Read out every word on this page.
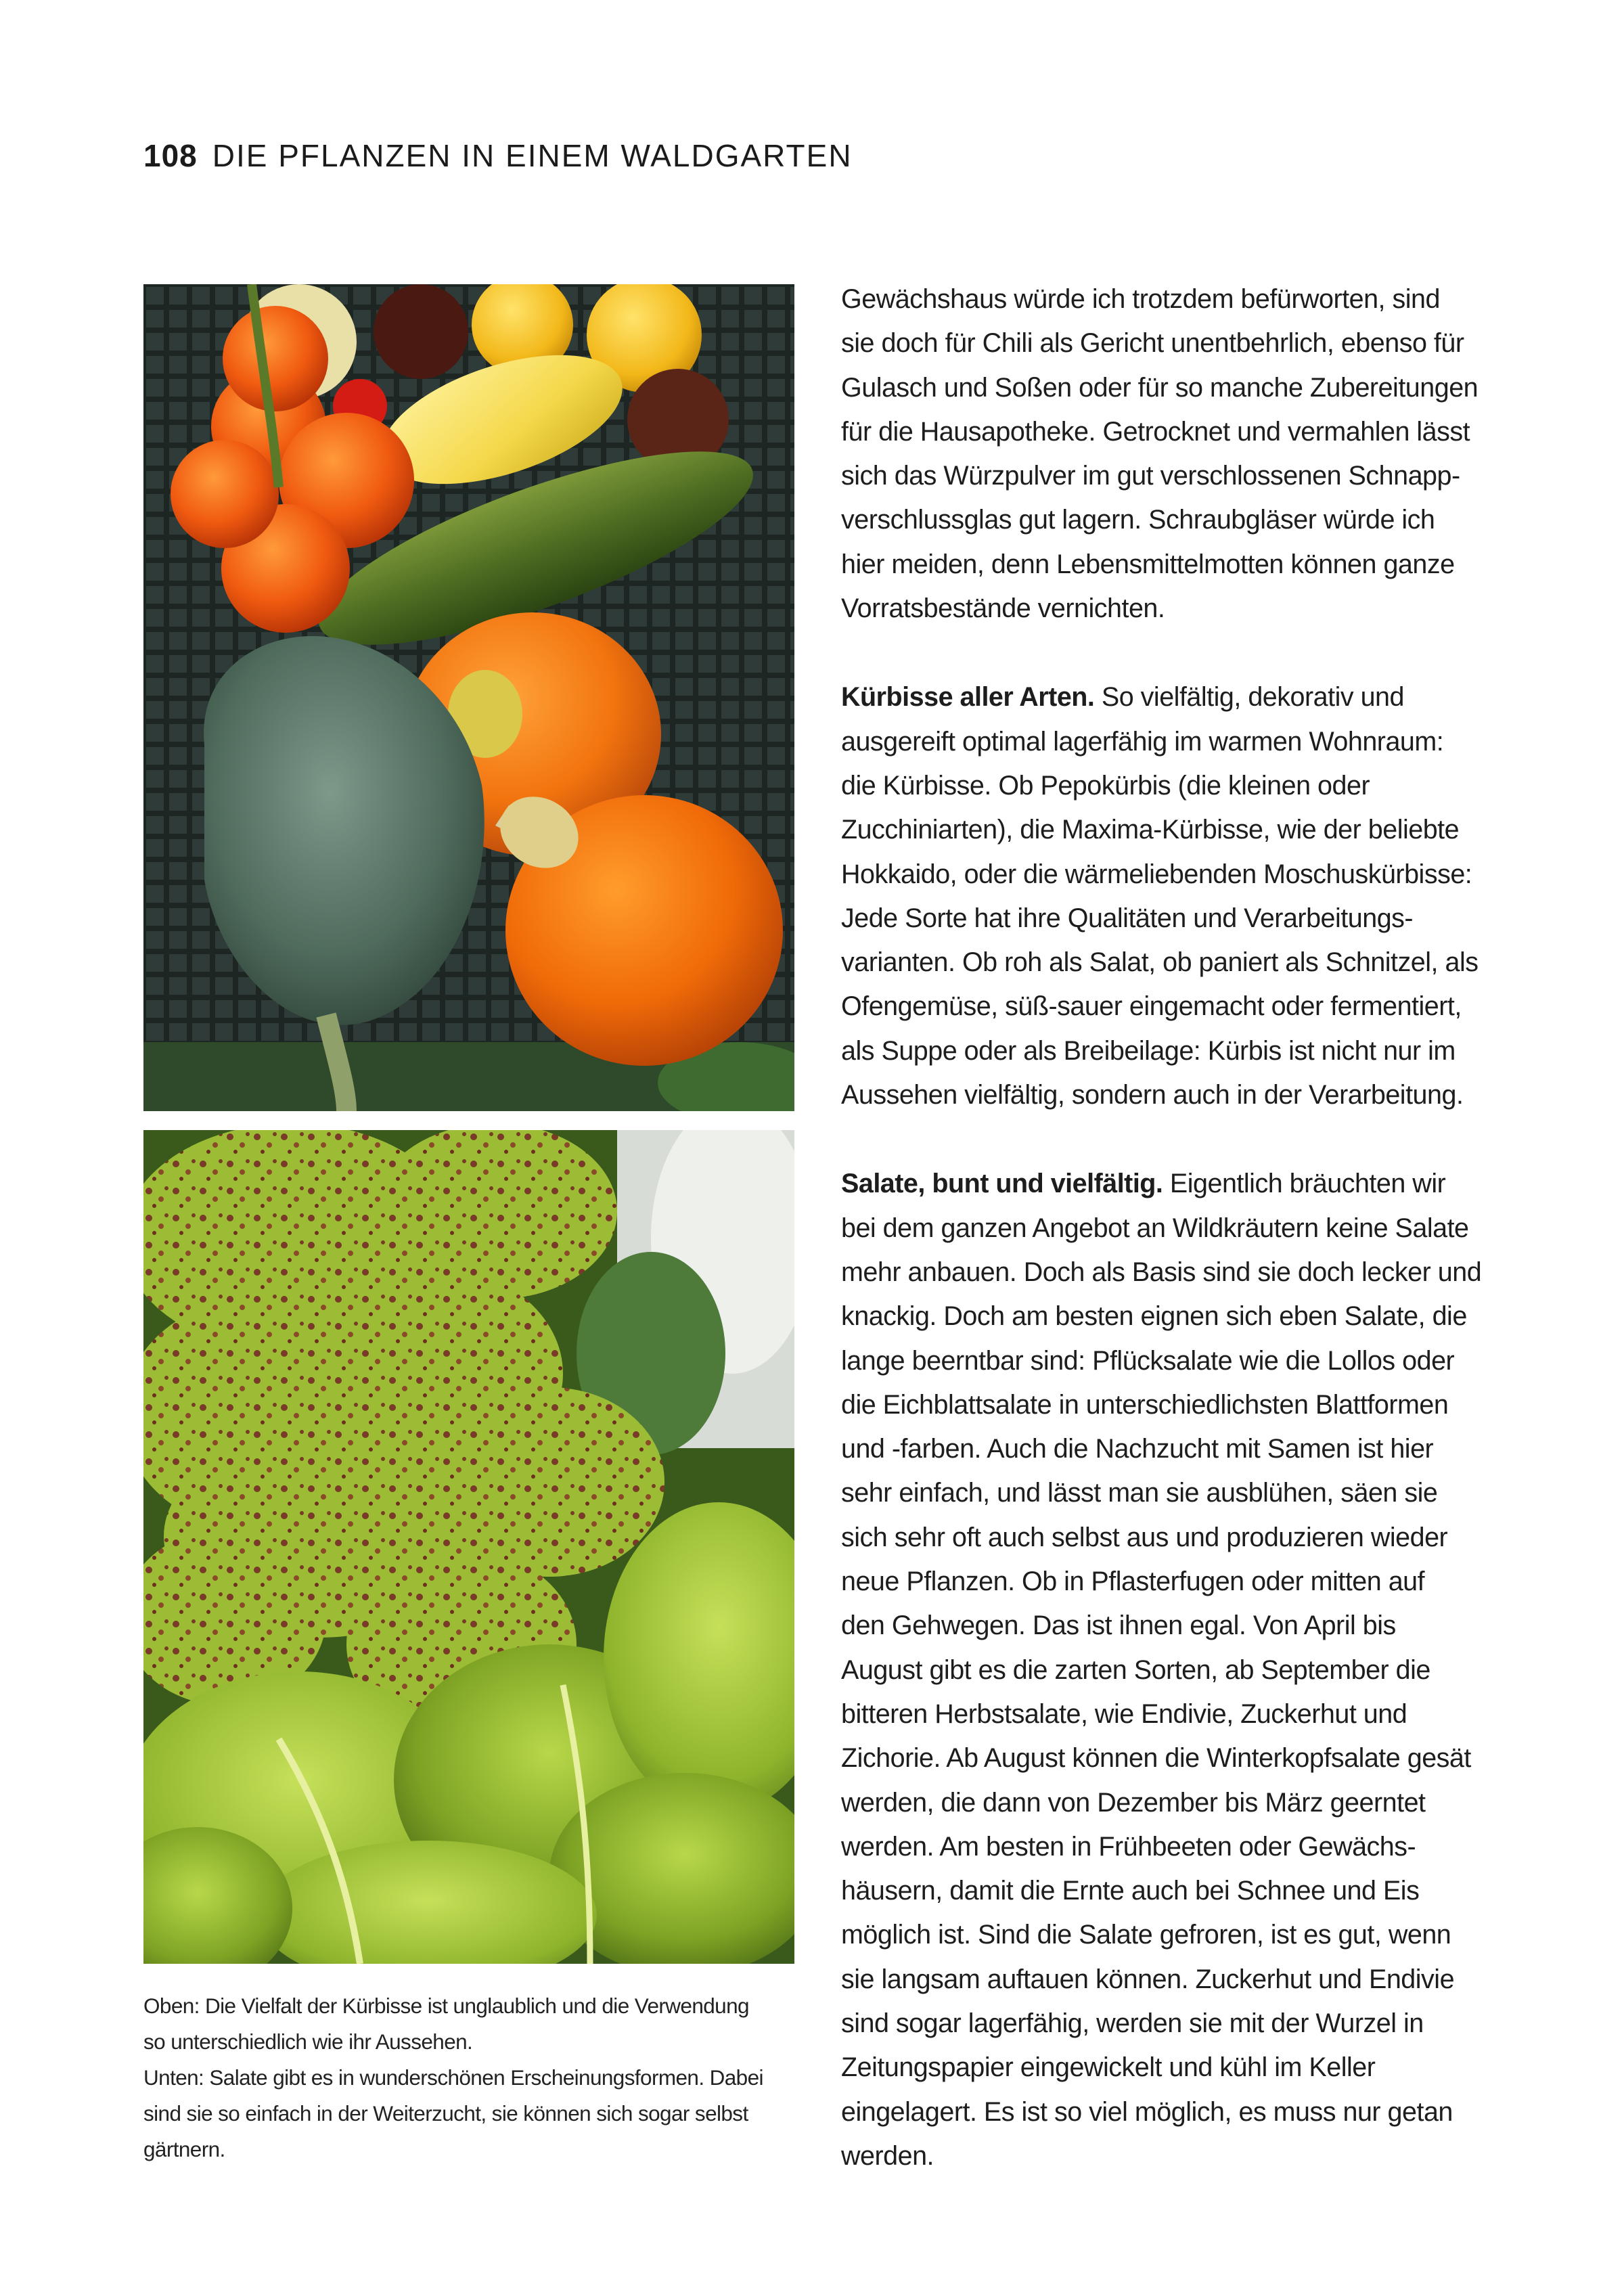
108 DIE PFLANZEN IN EINEM WALDGARTEN
Oben: Die Vielfalt der Kürbisse ist unglaublich und die Verwendung
so unterschiedlich wie ihr Aussehen.
Unten: Salate gibt es in wunderschönen Erscheinungsformen. Dabei
sind sie so einfach in der Weiterzucht, sie können sich sogar selbst
gärtnern.

Gewächshaus würde ich trotzdem befürworten, sind
sie doch für Chili als Gericht unentbehrlich, ebenso für
Gulasch und Soßen oder für so manche Zubereitungen
für die Hausapotheke. Getrocknet und vermahlen lässt
sich das Würzpulver im gut verschlossenen Schnapp-
verschlussglas gut lagern. Schraubgläser würde ich
hier meiden, denn Lebensmittelmotten können ganze
Vorratsbestände vernichten.

Kürbisse aller Arten. So vielfältig, dekorativ und
ausgereift optimal lagerfähig im warmen Wohnraum:
die Kürbisse. Ob Pepokürbis (die kleinen oder
Zucchiniarten), die Maxima-Kürbisse, wie der beliebte
Hokkaido, oder die wärmeliebenden Moschuskürbisse:
Jede Sorte hat ihre Qualitäten und Verarbeitungs-
varianten. Ob roh als Salat, ob paniert als Schnitzel, als
Ofengemüse, süß-sauer eingemacht oder fermentiert,
als Suppe oder als Breibeilage: Kürbis ist nicht nur im
Aussehen vielfältig, sondern auch in der Verarbeitung.

Salate, bunt und vielfältig. Eigentlich bräuchten wir
bei dem ganzen Angebot an Wildkräutern keine Salate
mehr anbauen. Doch als Basis sind sie doch lecker und
knackig. Doch am besten eignen sich eben Salate, die
lange beerntbar sind: Pflücksalate wie die Lollos oder
die Eichblattsalate in unterschiedlichsten Blattformen
und -farben. Auch die Nachzucht mit Samen ist hier
sehr einfach, und lässt man sie ausblühen, säen sie
sich sehr oft auch selbst aus und produzieren wieder
neue Pflanzen. Ob in Pflasterfugen oder mitten auf
den Gehwegen. Das ist ihnen egal. Von April bis
August gibt es die zarten Sorten, ab September die
bitteren Herbstsalate, wie Endivie, Zuckerhut und
Zichorie. Ab August können die Winterkopfsalate gesät
werden, die dann von Dezember bis März geerntet
werden. Am besten in Frühbeeten oder Gewächs-
häusern, damit die Ernte auch bei Schnee und Eis
möglich ist. Sind die Salate gefroren, ist es gut, wenn
sie langsam auftauen können. Zuckerhut und Endivie
sind sogar lagerfähig, werden sie mit der Wurzel in
Zeitungspapier eingewickelt und kühl im Keller
eingelagert. Es ist so viel möglich, es muss nur getan
werden.
